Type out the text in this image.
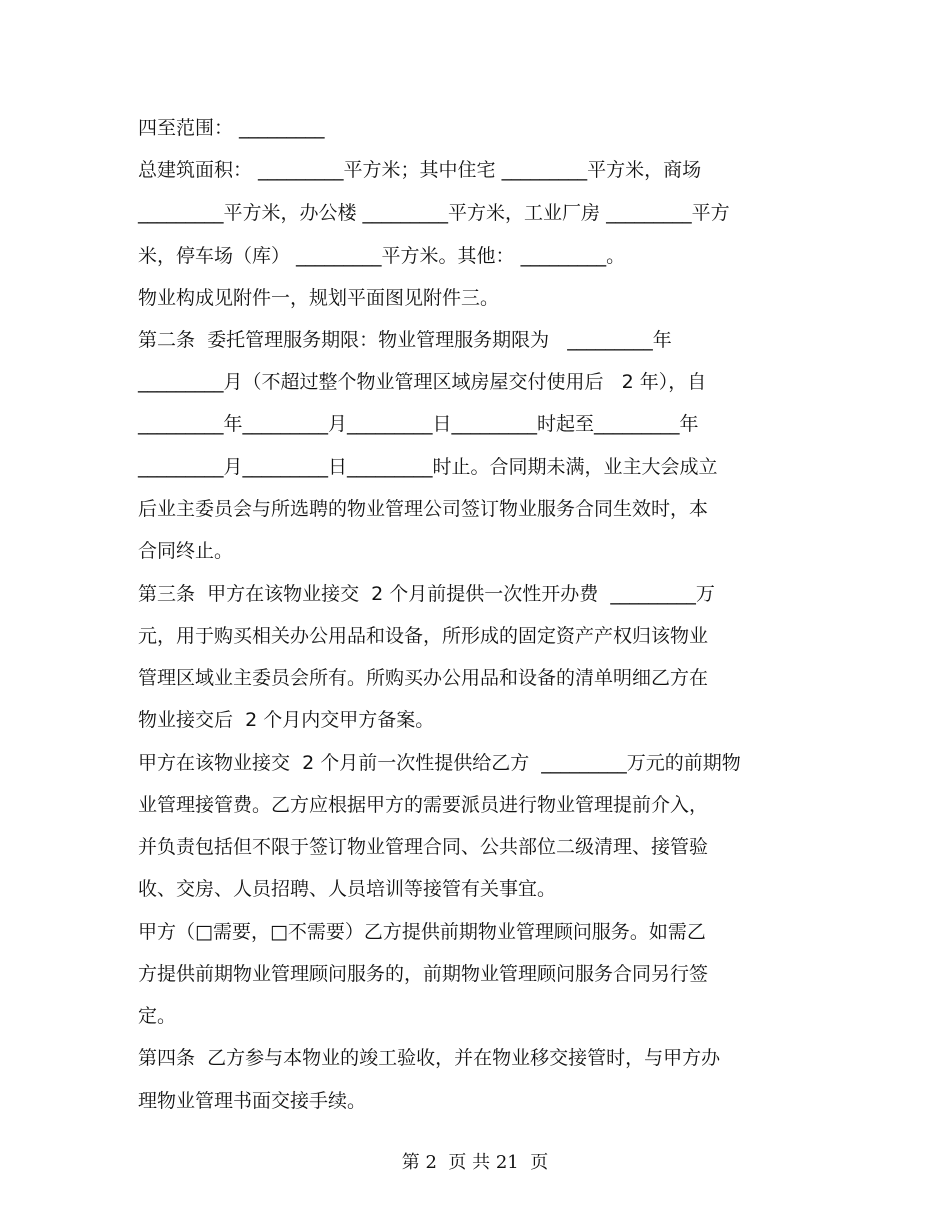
四至范围： _________
总建筑面积： _________平方米；其中住宅 _________平方米，商场
_________平方米，办公楼 _________平方米，工业厂房 _________平方
米，停车场（库） _________平方米。其他： _________。
物业构成见附件一，规划平面图见附件三。
第二条  委托管理服务期限：物业管理服务期限为   _________年
_________月（不超过整个物业管理区域房屋交付使用后   2 年），自
_________年_________月_________日_________时起至_________年
_________月_________日_________时止。合同期未满，业主大会成立
后业主委员会与所选聘的物业管理公司签订物业服务合同生效时，本
合同终止。
第三条  甲方在该物业接交  2 个月前提供一次性开办费  _________万
元，用于购买相关办公用品和设备，所形成的固定资产产权归该物业
管理区域业主委员会所有。所购买办公用品和设备的清单明细乙方在
物业接交后  2 个月内交甲方备案。
甲方在该物业接交  2 个月前一次性提供给乙方  _________万元的前期物
业管理接管费。乙方应根据甲方的需要派员进行物业管理提前介入，
并负责包括但不限于签订物业管理合同、公共部位二级清理、接管验
收、交房、人员招聘、人员培训等接管有关事宜。
甲方（□需要，□不需要）乙方提供前期物业管理顾问服务。如需乙
方提供前期物业管理顾问服务的，前期物业管理顾问服务合同另行签
定。
第四条  乙方参与本物业的竣工验收，并在物业移交接管时，与甲方办
理物业管理书面交接手续。
第 2  页 共 21  页
